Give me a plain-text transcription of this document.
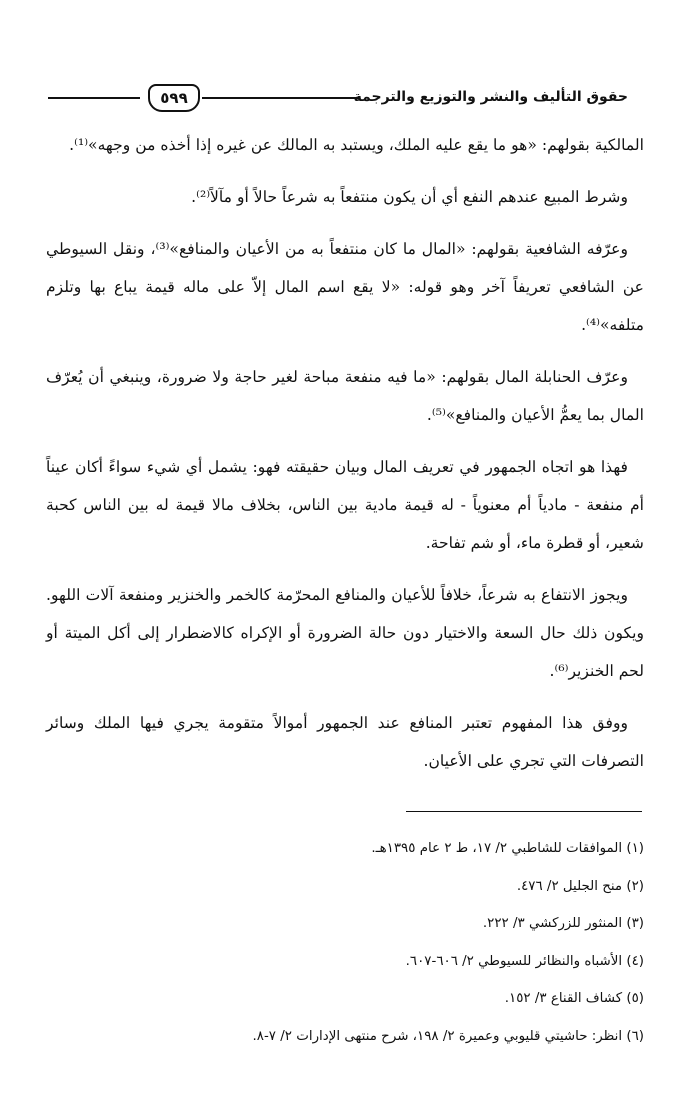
٥٩٩	حقوق التأليف والنشر والتوزيع والترجمة

المالكية بقولهم: «هو ما يقع عليه الملك، ويستبد به المالك عن غيره إذا أخذه من وجهه»⁽¹⁾.

وشرط المبيع عندهم النفع أي أن يكون منتفعاً به شرعاً حالاً أو مآلاً⁽²⁾.

وعرّفه الشافعية بقولهم: «المال ما كان منتفعاً به من الأعيان والمنافع»⁽³⁾، ونقل السيوطي عن الشافعي تعريفاً آخر وهو قوله: «لا يقع اسم المال إلاّ على ماله قيمة يباع بها وتلزم متلفه»⁽⁴⁾.

وعرّف الحنابلة المال بقولهم: «ما فيه منفعة مباحة لغير حاجة ولا ضرورة، وينبغي أن يُعرّف المال بما يعمُّ الأعيان والمنافع»⁽⁵⁾.

فهذا هو اتجاه الجمهور في تعريف المال وبيان حقيقته فهو: يشمل أي شيء سواءً أكان عيناً أم منفعة - مادياً أم معنوياً - له قيمة مادية بين الناس، بخلاف مالا قيمة له بين الناس كحبة شعير، أو قطرة ماء، أو شم تفاحة.

ويجوز الانتفاع به شرعاً، خلافاً للأعيان والمنافع المحرّمة كالخمر والخنزير ومنفعة آلات اللهو. ويكون ذلك حال السعة والاختيار دون حالة الضرورة أو الإكراه كالاضطرار إلى أكل الميتة أو لحم الخنزير⁽⁶⁾.

ووفق هذا المفهوم تعتبر المنافع عند الجمهور أموالاً متقومة يجري فيها الملك وسائر التصرفات التي تجري على الأعيان.

(١) الموافقات للشاطبي ٢/ ١٧، ط ٢ عام ١٣٩٥هـ.
(٢) منح الجليل ٢/ ٤٧٦.
(٣) المنثور للزركشي ٣/ ٢٢٢.
(٤) الأشباه والنظائر للسيوطي ٢/ ٦٠٦-٦٠٧.
(٥) كشاف القناع ٣/ ١٥٢.
(٦) انظر: حاشيتي قليوبي وعميرة ٢/ ١٩٨، شرح منتهى الإدارات ٢/ ٧-٨.
